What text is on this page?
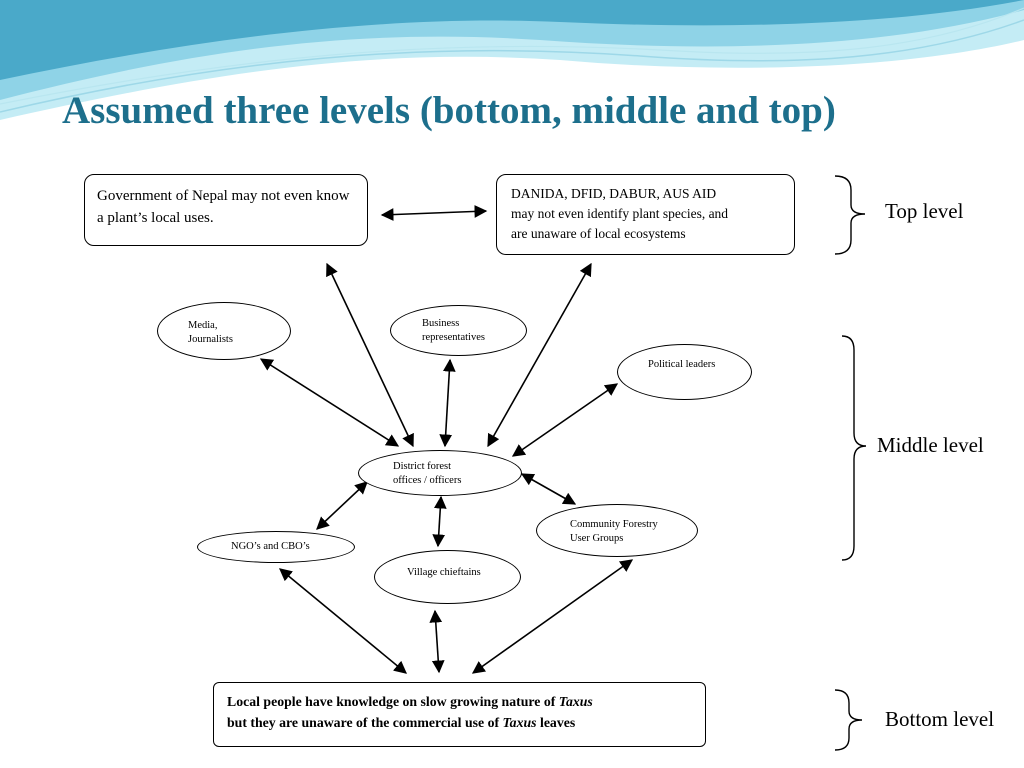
Assumed three levels (bottom, middle and top)
Government of Nepal may not even know a plant’s local uses.
DANIDA, DFID, DABUR, AUS AID
may not even identify plant species, and
are unaware of local ecosystems
Media,
Journalists
Business
representatives
Political leaders
District forest
offices / officers
Community Forestry
User Groups
NGO’s and CBO’s
Village chieftains
Local people have knowledge on slow growing nature of Taxus
but they are unaware of the commercial use of Taxus leaves
Top level
Middle level
Bottom level
